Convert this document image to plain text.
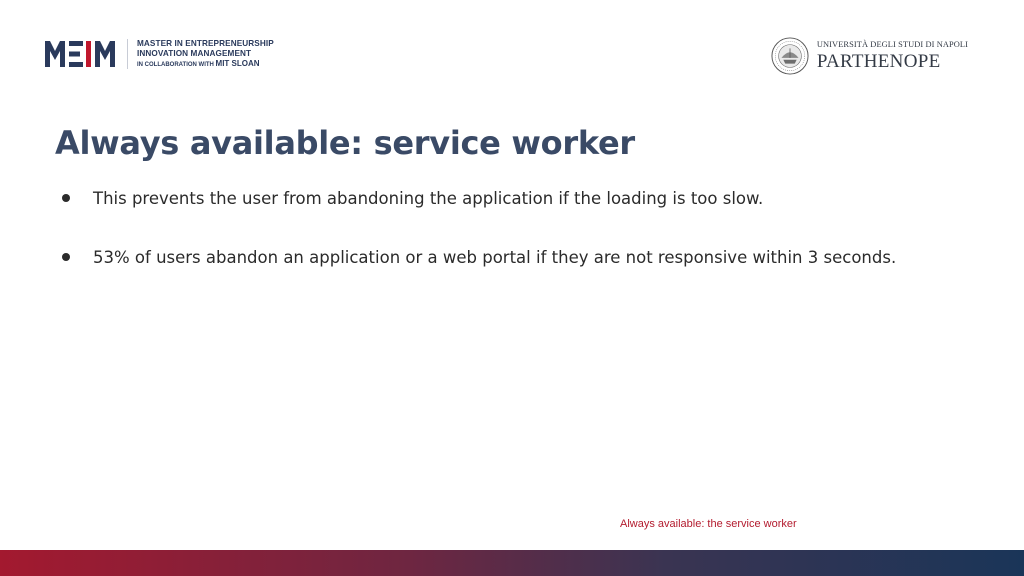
MASTER IN ENTREPRENEURSHIP
INNOVATION MANAGEMENT
IN COLLABORATION WITH MIT SLOAN
UNIVERSITÀ DEGLI STUDI DI NAPOLI
PARTHENOPE
Always available: service worker
This prevents the user from abandoning the application if the loading is too slow.
53% of users abandon an application or a web portal if they are not responsive within 3 seconds.
Always available: the service worker
